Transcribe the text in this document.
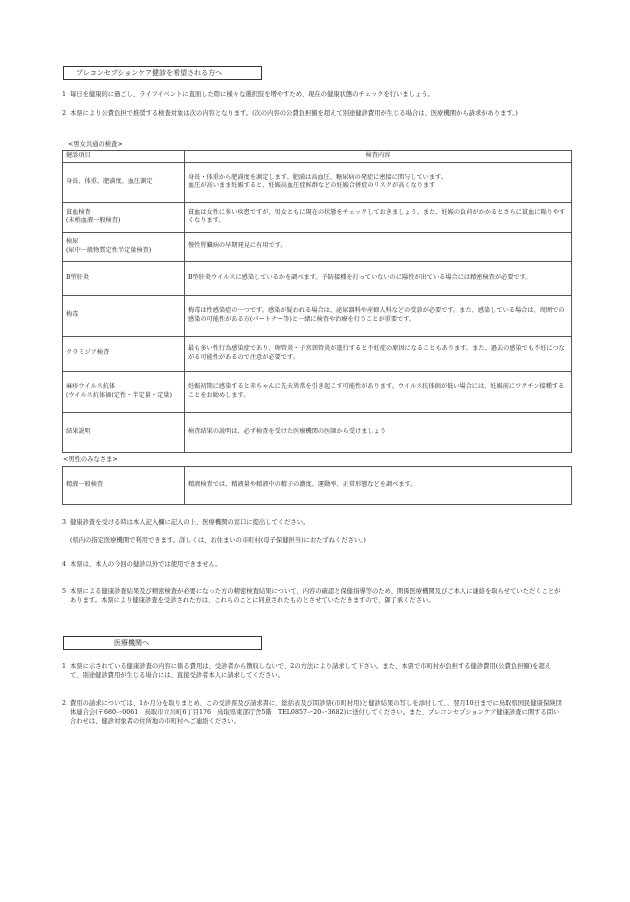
プレコンセプションケア健診を希望される方へ
1 毎日を健康的に過ごし、ライフイベントに直面した際に様々な選択肢を増やすため、現在の健康状態のチェックを行いましょう。
2 本票により公費負担で推奨する検査対象は次の内容となります。(次の内容の公費負担額を超えて別途健診費用が生じる場合は、医療機関から請求があります。)
<男女共通の検査>
健診項目	検査内容
身長、体重、肥満度、血圧測定	身長・体重から肥満度を測定します。肥満は高血圧、糖尿病の発症に密接に関与しています。
血圧が高いまま妊娠すると、妊娠高血圧症候群などの妊娠合併症のリスクが高くなります
貧血検査
(末梢血液一般検査)	貧血は女性に多い疾患ですが、男女ともに現在の状態をチェックしておきましょう。また、妊娠の負荷がかかるとさらに貧血に陥りやすくなります。
検尿
(尿中一般物質定性半定量検査)	慢性腎臓病の早期発見に有用です。
B型肝炎	B型肝炎ウイルスに感染しているかを調べます。予防接種を打っていないのに陽性が出ている場合には精密検査が必要です。
梅毒	梅毒は性感染症の一つです。感染が疑われる場合は、泌尿器科や産婦人科などの受診が必要です。また、感染している場合は、周囲での感染の可能性がある方(パートナー等)と一緒に検査や治療を行うことが重要です。
クラミジア検査	最も多い性行為感染症であり、卵管炎・子宮頸管炎が進行すると不妊症の原因になることもあります。また、過去の感染でも不妊につながる可能性があるので注意が必要です。
麻疹ウイルス抗体
(ウイルス抗体価(定性・半定量・定量)	妊娠初期に感染すると赤ちゃんに先天異常を引き起こす可能性があります。ウイルス抗体価が低い場合には、妊娠前にワクチン接種することをお勧めします。
結果説明	検査結果の説明は、必ず検査を受けた医療機関の医師から受けましょう
<男性のみなさま>
精液一般検査	精液検査では、精液量や精液中の精子の濃度、運動率、正常形態などを調べます。
3 健康診査を受ける時は本人記入欄に記入の上、医療機関の窓口に提出してください。
(県内の指定医療機関で利用できます。詳しくは、お住まいの市町村(母子保健担当)におたずねください。)
4 本票は、本人の今回の健診以外では使用できません。
5 本票による健康診査結果及び精密検査が必要になった方の精密検査結果について、内容の確認と保健指導等のため、関係医療機関及びご本人に連絡を取らせていただくことがあります。本票により健康診査を受診された方は、これらのことに同意されたものとさせていただきますので、御了承ください。
医療機関へ
1 本票に示されている健康診査の内容に係る費用は、受診者から徴収しないで、2の方法により請求して下さい。また、本票で市町村が負担する健診費用(公費負担額)を超えて、別途健診費用が生じる場合には、直接受診者本人に請求してください。
2 費用の請求については、1か月分を取りまとめ、この受診票及び請求書に、総括表及び問診票(市町村用)と健診結果の写しを添付して、、翌月10日までに鳥取県国民健康保険団体連合会(〒680ー0061　鳥取市立川町6丁目176　鳥取県東部庁舎5階　TEL0857ー20ー3682)に送付してください。また、プレコンセプションケア健康診査に関する問い合わせは、健診対象者の住所地の市町村へご連絡ください。
